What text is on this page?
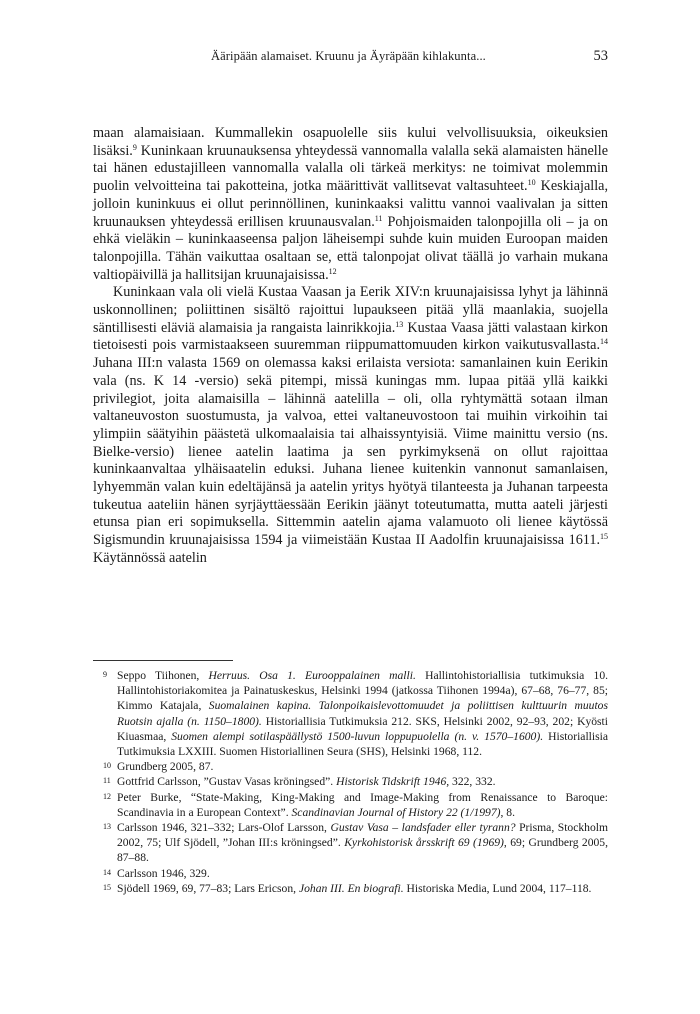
Ääripään alamaiset. Kruunu ja Äyräpään kihlakunta...	53

maan alamaisiaan. Kummallekin osapuolelle siis kului velvollisuuksia, oikeuksien lisäksi.$^9$ Kuninkaan kruunauksensa yhteydessä vannomalla valalla sekä alamaisten hänelle tai hänen edustajilleen vannomalla valalla oli tärkeä merkitys: ne toimivat molemmin puolin velvoitteina tai pakotteina, jotka määrittivät vallitsevat valtasuhteet.$^{10}$ Keskiajalla, jolloin kuninkuus ei ollut perinnöllinen, kuninkaaksi valittu vannoi vaalivalan ja sitten kruunauksen yhteydessä erillisen kruunausvalan.$^{11}$ Pohjoismaiden talonpojilla oli – ja on ehkä vieläkin – kuninkaaseensa paljon läheisempi suhde kuin muiden Euroopan maiden talonpojilla. Tähän vaikuttaa osaltaan se, että talonpojat olivat täällä jo varhain mukana valtiopäivillä ja hallitsijan kruunajaisissa.$^{12}$

Kuninkaan vala oli vielä Kustaa Vaasan ja Eerik XIV:n kruunajaisissa lyhyt ja lähinnä uskonnollinen; poliittinen sisältö rajoittui lupaukseen pitää yllä maanlakia, suojella säntillisesti eläviä alamaisia ja rangaista lainrikkojia.$^{13}$ Kustaa Vaasa jätti valastaan kirkon tietoisesti pois varmistaakseen suuremman riippumattomuuden kirkon vaikutusvallasta.$^{14}$ Juhana III:n valasta 1569 on olemassa kaksi erilaista versiota: samanlainen kuin Eerikin vala (ns. K 14 -versio) sekä pitempi, missä kuningas mm. lupaa pitää yllä kaikki privilegiot, joita alamaisilla – lähinnä aatelilla – oli, olla ryhtymättä sotaan ilman valtaneuvoston suostumusta, ja valvoa, ettei valtaneuvostoon tai muihin virkoihin tai ylimpiin säätyihin päästetä ulkomaalaisia tai alhaissyntyisiä. Viime mainittu versio (ns. Bielke-versio) lienee aatelin laatima ja sen pyrkimyksenä on ollut rajoittaa kuninkaanvaltaa ylhäisaatelin eduksi. Juhana lienee kuitenkin vannonut samanlaisen, lyhyemmän valan kuin edeltäjänsä ja aatelin yritys hyötyä tilanteesta ja Juhanan tarpeesta tukeutua aateliin hänen syrjäyttäessään Eerikin jäänyt toteutumatta, mutta aateli järjesti etunsa pian eri sopimuksella. Sittemmin aatelin ajama valamuoto oli lienee käytössä Sigismundin kruunajaisissa 1594 ja viimeistään Kustaa II Aadolfin kruunajaisissa 1611.15 Käytännössä aatelin

9 Seppo Tiihonen, Herruus. Osa 1. Eurooppalainen malli. Hallintohistoriallisia tutkimuksia 10. Hallintohistoriakomitea ja Painatuskeskus, Helsinki 1994 (jatkossa Tiihonen 1994a), 67–68, 76–77, 85; Kimmo Katajala, Suomalainen kapina. Talonpoikaislevottomuudet ja poliittisen kulttuurin muutos Ruotsin ajalla (n. 1150–1800). Historiallisia Tutkimuksia 212. SKS, Helsinki 2002, 92–93, 202; Kyösti Kiuasmaa, Suomen alempi sotilaspäällystö 1500-luvun loppupuolella (n. v. 1570–1600). Historiallisia Tutkimuksia LXXIII. Suomen Historiallinen Seura (SHS), Helsinki 1968, 112.

10 Grundberg 2005, 87.

11 Gottfrid Carlsson, ”Gustav Vasas kröningsed”. Historisk Tidskrift 1946, 322, 332.

12 Peter Burke, “State-Making, King-Making and Image-Making from Renaissance to Baroque: Scandinavia in a European Context”. Scandinavian Journal of History 22 (1/1997), 8.

13 Carlsson 1946, 321–332; Lars-Olof Larsson, Gustav Vasa – landsfader eller tyrann? Prisma, Stockholm 2002, 75; Ulf Sjödell, ”Johan III:s kröningsed”. Kyrkohistorisk årsskrift 69 (1969), 69; Grundberg 2005, 87–88.

14 Carlsson 1946, 329.

15 Sjödell 1969, 69, 77–83; Lars Ericson, Johan III. En biografi. Historiska Media, Lund 2004, 117–118.
